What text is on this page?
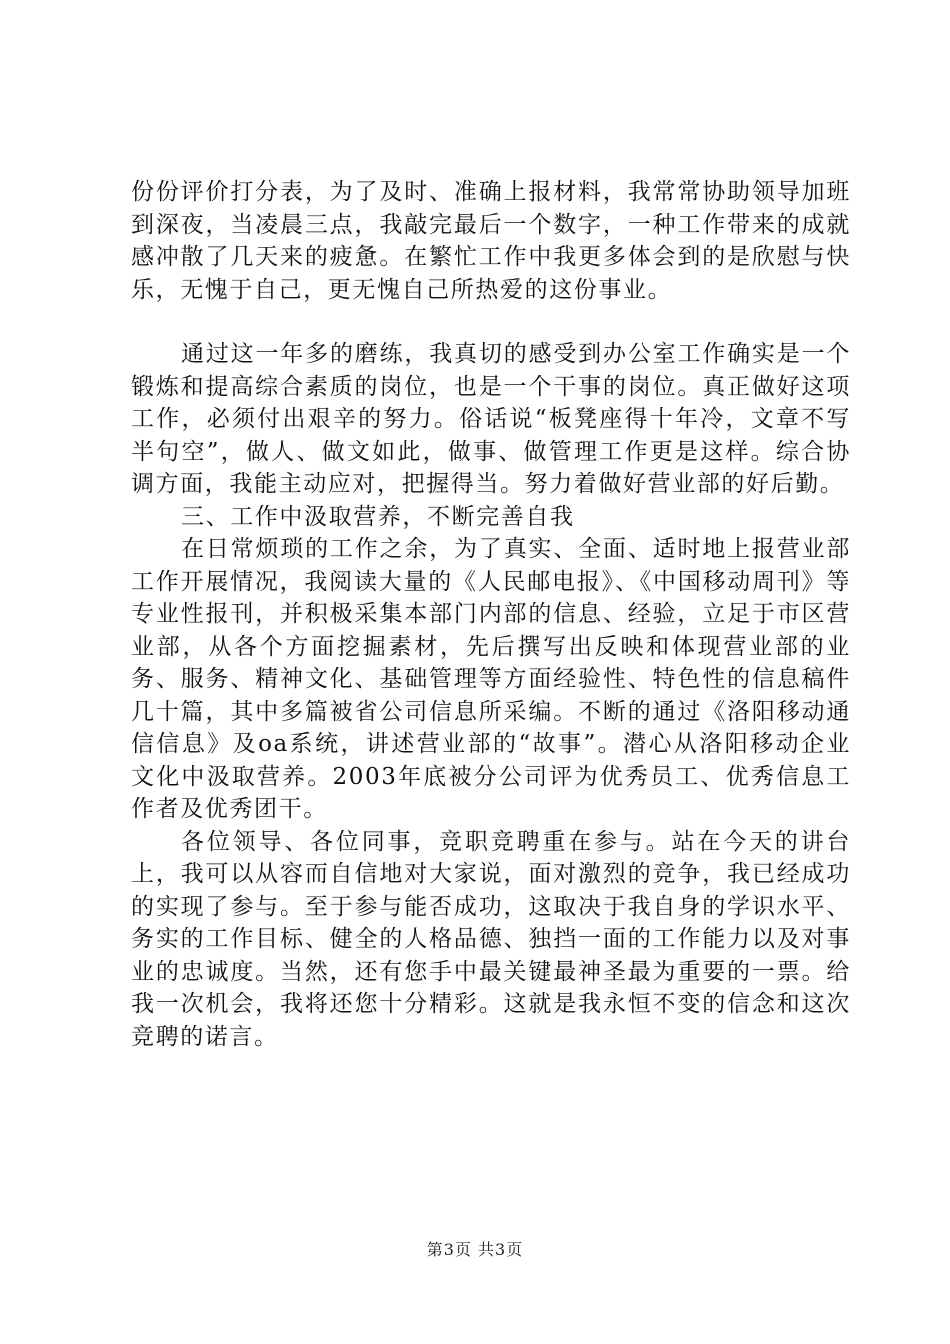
份份评价打分表，为了及时、准确上报材料，我常常协助领导加班到深夜，当凌晨三点，我敲完最后一个数字，一种工作带来的成就感冲散了几天来的疲惫。在繁忙工作中我更多体会到的是欣慰与快乐，无愧于自己，更无愧自己所热爱的这份事业。

通过这一年多的磨练，我真切的感受到办公室工作确实是一个锻炼和提高综合素质的岗位，也是一个干事的岗位。真正做好这项工作，必须付出艰辛的努力。俗话说“板凳座得十年冷，文章不写半句空”，做人、做文如此，做事、做管理工作更是这样。综合协调方面，我能主动应对，把握得当。努力着做好营业部的好后勤。

三、工作中汲取营养，不断完善自我

在日常烦琐的工作之余，为了真实、全面、适时地上报营业部工作开展情况，我阅读大量的《人民邮电报》、《中国移动周刊》等专业性报刊，并积极采集本部门内部的信息、经验，立足于市区营业部，从各个方面挖掘素材，先后撰写出反映和体现营业部的业务、服务、精神文化、基础管理等方面经验性、特色性的信息稿件几十篇，其中多篇被省公司信息所采编。不断的通过《洛阳移动通信信息》及oa系统，讲述营业部的“故事”。潜心从洛阳移动企业文化中汲取营养。2003年底被分公司评为优秀员工、优秀信息工作者及优秀团干。

各位领导、各位同事，竞职竞聘重在参与。站在今天的讲台上，我可以从容而自信地对大家说，面对激烈的竞争，我已经成功的实现了参与。至于参与能否成功，这取决于我自身的学识水平、务实的工作目标、健全的人格品德、独挡一面的工作能力以及对事业的忠诚度。当然，还有您手中最关键最神圣最为重要的一票。给我一次机会，我将还您十分精彩。这就是我永恒不变的信念和这次竞聘的诺言。

第3页 共3页
